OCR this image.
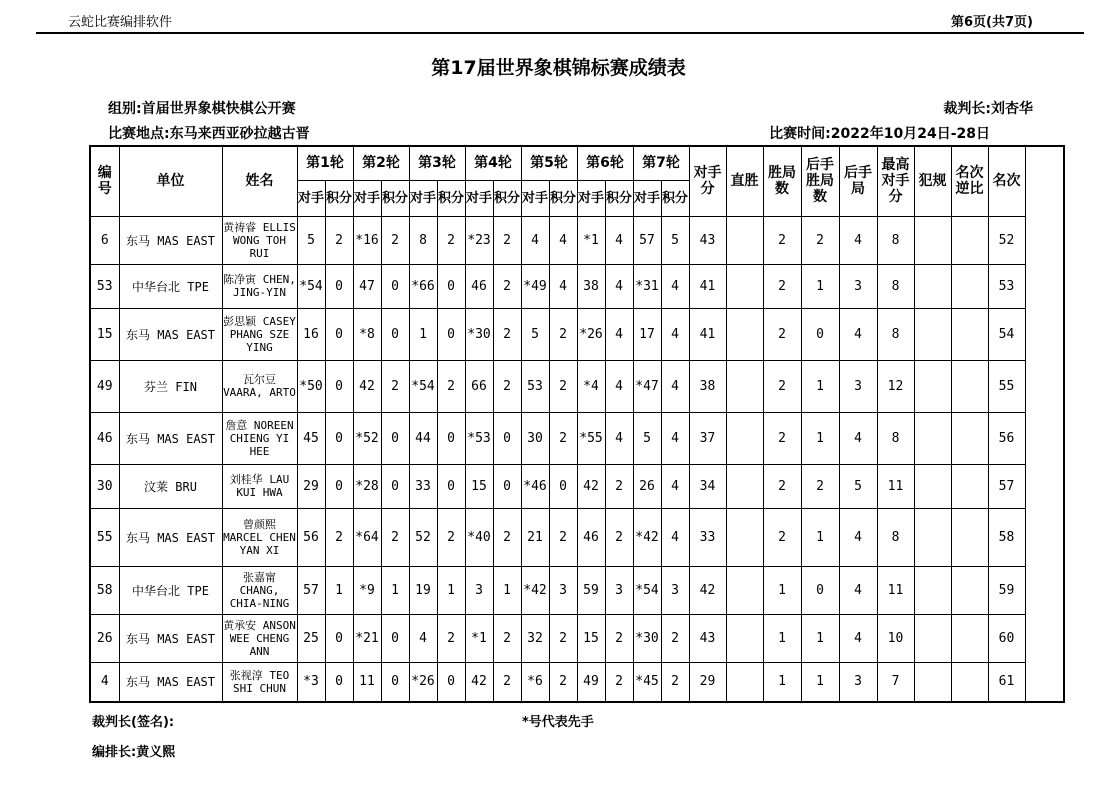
云蛇比赛编排软件	第6页(共7页)
第17届世界象棋锦标赛成绩表
组别:首届世界象棋快棋公开赛
比赛地点:东马来西亚砂拉越古晋
裁判长:刘杏华
比赛时间:2022年10月24日-28日
编号	单位	姓名	第1轮		第2轮		第3轮		第4轮		第5轮		第6轮		第7轮		对手分	直胜	胜局数	后手胜局数	后手局	最高对手分	犯规	名次逆比	名次
			对手	积分	对手	积分	对手	积分	对手	积分	对手	积分	对手	积分	对手	积分									
6	东马 MAS EAST	黄祷睿 ELLIS WONG TOH RUI	5	2	*16	2	8	2	*23	2	4	4	*1	4	57	5	43		2	2	4	8			52
53	中华台北 TPE	陈净寅 CHEN, JING-YIN	*54	0	47	0	*66	0	46	2	*49	4	38	4	*31	4	41		2	1	3	8			53
15	东马 MAS EAST	彭思颖 CASEY PHANG SZE YING	16	0	*8	0	1	0	*30	2	5	2	*26	4	17	4	41		2	0	4	8			54
49	芬兰 FIN	瓦尔豆 VAARA, ARTO	*50	0	42	2	*54	2	66	2	53	2	*4	4	*47	4	38		2	1	3	12			55
46	东马 MAS EAST	詹意 NOREEN CHIENG YI HEE	45	0	*52	0	44	0	*53	0	30	2	*55	4	5	4	37		2	1	4	8			56
30	汶莱 BRU	刘桂华 LAU KUI HWA	29	0	*28	0	33	0	15	0	*46	0	42	2	26	4	34		2	2	5	11			57
55	东马 MAS EAST	曾颜熙 MARCEL CHEN YAN XI	56	2	*64	2	52	2	*40	2	21	2	46	2	*42	4	33		2	1	4	8			58
58	中华台北 TPE	张嘉甯 CHANG, CHIA-NING	57	1	*9	1	19	1	3	1	*42	3	59	3	*54	3	42		1	0	4	11			59
26	东马 MAS EAST	黄承安 ANSON WEE CHENG ANN	25	0	*21	0	4	2	*1	2	32	2	15	2	*30	2	43		1	1	4	10			60
4	东马 MAS EAST	张视淳 TEO SHI CHUN	*3	0	11	0	*26	0	42	2	*6	2	49	2	*45	2	29		1	1	3	7			61
裁判长(签名):	*号代表先手
编排长:黄义熙
